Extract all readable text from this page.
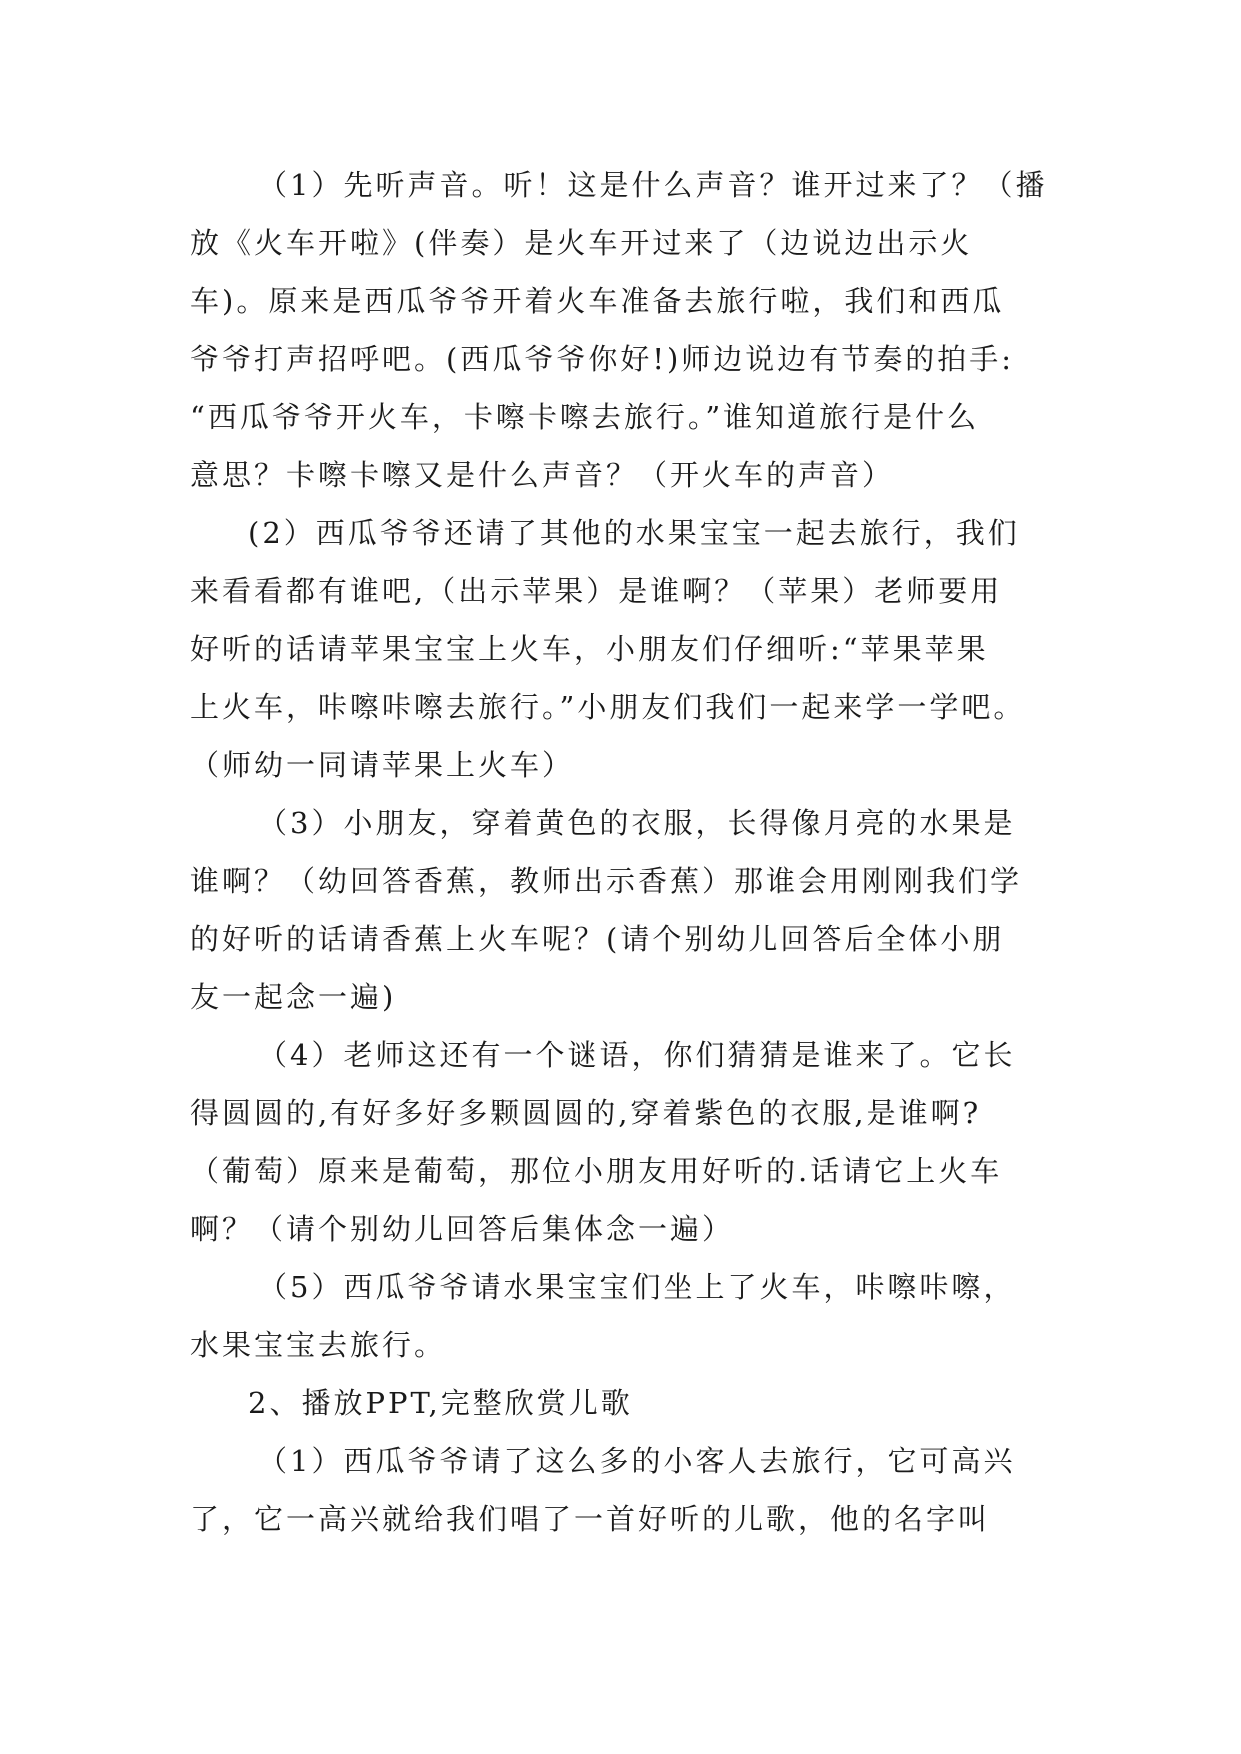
（1）先听声音。听！这是什么声音？谁开过来了？（播
放《火车开啦》(伴奏）是火车开过来了（边说边出示火
车)。原来是西瓜爷爷开着火车准备去旅行啦，我们和西瓜
爷爷打声招呼吧。(西瓜爷爷你好!)师边说边有节奏的拍手:
“西瓜爷爷开火车，卡嚓卡嚓去旅行。”谁知道旅行是什么
意思？卡嚓卡嚓又是什么声音？（开火车的声音）
(2）西瓜爷爷还请了其他的水果宝宝一起去旅行，我们
来看看都有谁吧,（出示苹果）是谁啊？（苹果）老师要用
好听的话请苹果宝宝上火车，小朋友们仔细听:“苹果苹果
上火车，咔嚓咔嚓去旅行。”小朋友们我们一起来学一学吧。
（师幼一同请苹果上火车）
（3）小朋友，穿着黄色的衣服，长得像月亮的水果是
谁啊？（幼回答香蕉，教师出示香蕉）那谁会用刚刚我们学
的好听的话请香蕉上火车呢？(请个别幼儿回答后全体小朋
友一起念一遍)
（4）老师这还有一个谜语，你们猜猜是谁来了。它长
得圆圆的,有好多好多颗圆圆的,穿着紫色的衣服,是谁啊?
（葡萄）原来是葡萄，那位小朋友用好听的.话请它上火车
啊？（请个别幼儿回答后集体念一遍）
（5）西瓜爷爷请水果宝宝们坐上了火车，咔嚓咔嚓，
水果宝宝去旅行。
2、播放PPT,完整欣赏儿歌
（1）西瓜爷爷请了这么多的小客人去旅行，它可高兴
了，它一高兴就给我们唱了一首好听的儿歌，他的名字叫
